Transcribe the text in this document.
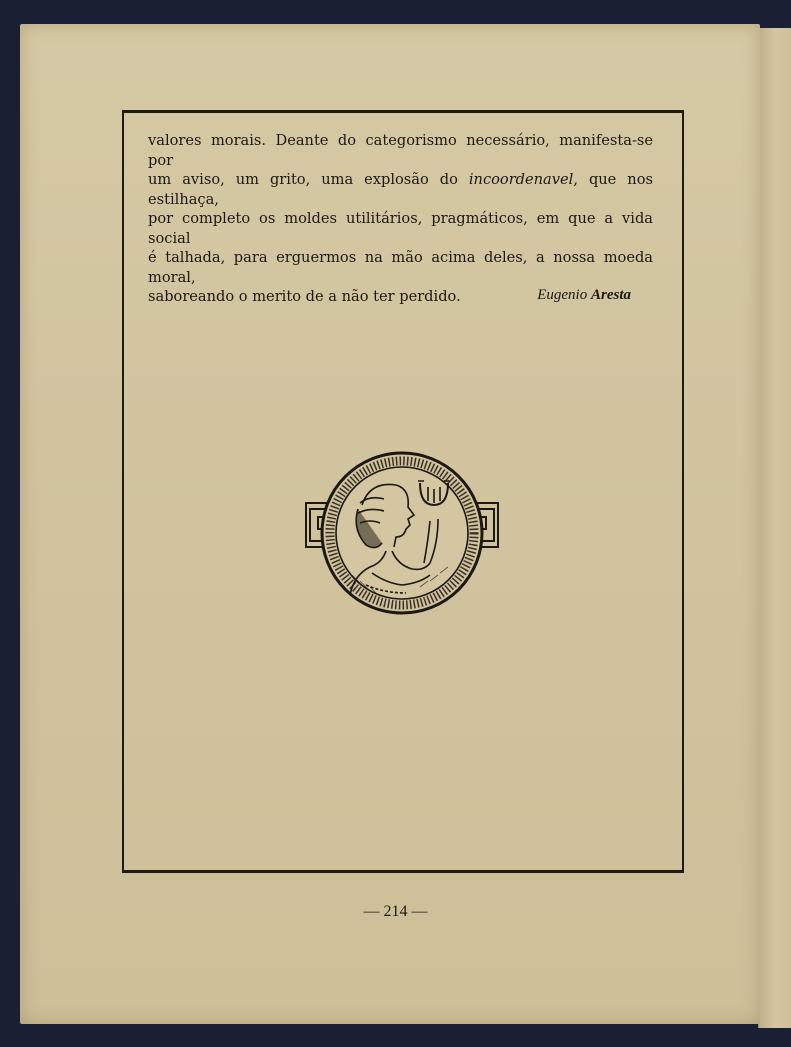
valores morais. Deante do categorismo necessário, manifesta-se por
um aviso, um grito, uma explosão do incoordenavel, que nos estilhaça,
por completo os moldes utilitários, pragmáticos, em que a vida social
é talhada, para erguermos na mão acima deles, a nossa moeda moral,
saboreando o merito de a não ter perdido.	Eugenio Aresta
— 214 —
